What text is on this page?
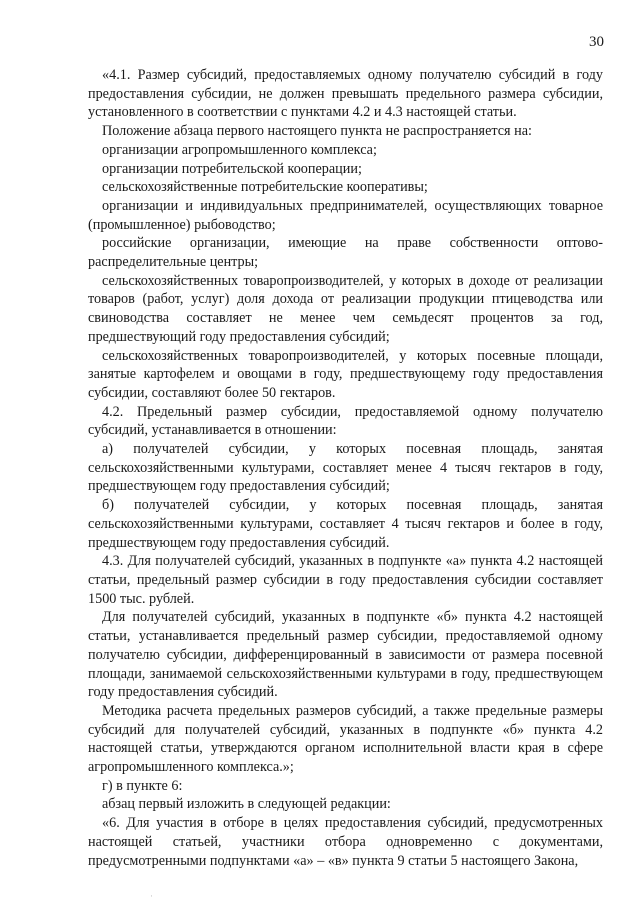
30

«4.1. Размер субсидий, предоставляемых одному получателю субсидий в году предоставления субсидии, не должен превышать предельного размера субсидии, установленного в соответствии с пунктами 4.2 и 4.3 настоящей статьи.

Положение абзаца первого настоящего пункта не распространяется на:

организации агропромышленного комплекса;

организации потребительской кооперации;

сельскохозяйственные потребительские кооперативы;

организации и индивидуальных предпринимателей, осуществляющих товарное (промышленное) рыбоводство;

российские организации, имеющие на праве собственности оптово-распределительные центры;

сельскохозяйственных товаропроизводителей, у которых в доходе от реализации товаров (работ, услуг) доля дохода от реализации продукции птицеводства или свиноводства составляет не менее чем семьдесят процентов за год, предшествующий году предоставления субсидий;

сельскохозяйственных товаропроизводителей, у которых посевные площади, занятые картофелем и овощами в году, предшествующему году предоставления субсидии, составляют более 50 гектаров.

4.2. Предельный размер субсидии, предоставляемой одному получателю субсидий, устанавливается в отношении:

а) получателей субсидии, у которых посевная площадь, занятая сельскохозяйственными культурами, составляет менее 4 тысяч гектаров в году, предшествующем году предоставления субсидий;

б) получателей субсидии, у которых посевная площадь, занятая сельскохозяйственными культурами, составляет 4 тысяч гектаров и более в году, предшествующем году предоставления субсидий.

4.3. Для получателей субсидий, указанных в подпункте «а» пункта 4.2 настоящей статьи, предельный размер субсидии в году предоставления субсидии составляет 1500 тыс. рублей.

Для получателей субсидий, указанных в подпункте «б» пункта 4.2 настоящей статьи, устанавливается предельный размер субсидии, предоставляемой одному получателю субсидии, дифференцированный в зависимости от размера посевной площади, занимаемой сельскохозяйственными культурами в году, предшествующем году предоставления субсидий.

Методика расчета предельных размеров субсидий, а также предельные размеры субсидий для получателей субсидий, указанных в подпункте «б» пункта 4.2 настоящей статьи, утверждаются органом исполнительной власти края в сфере агропромышленного комплекса.»;

г) в пункте 6:

абзац первый изложить в следующей редакции:

«6. Для участия в отборе в целях предоставления субсидий, предусмотренных настоящей статьей, участники отбора одновременно с документами, предусмотренными подпунктами «а» – «в» пункта 9 статьи 5 настоящего Закона,

·
